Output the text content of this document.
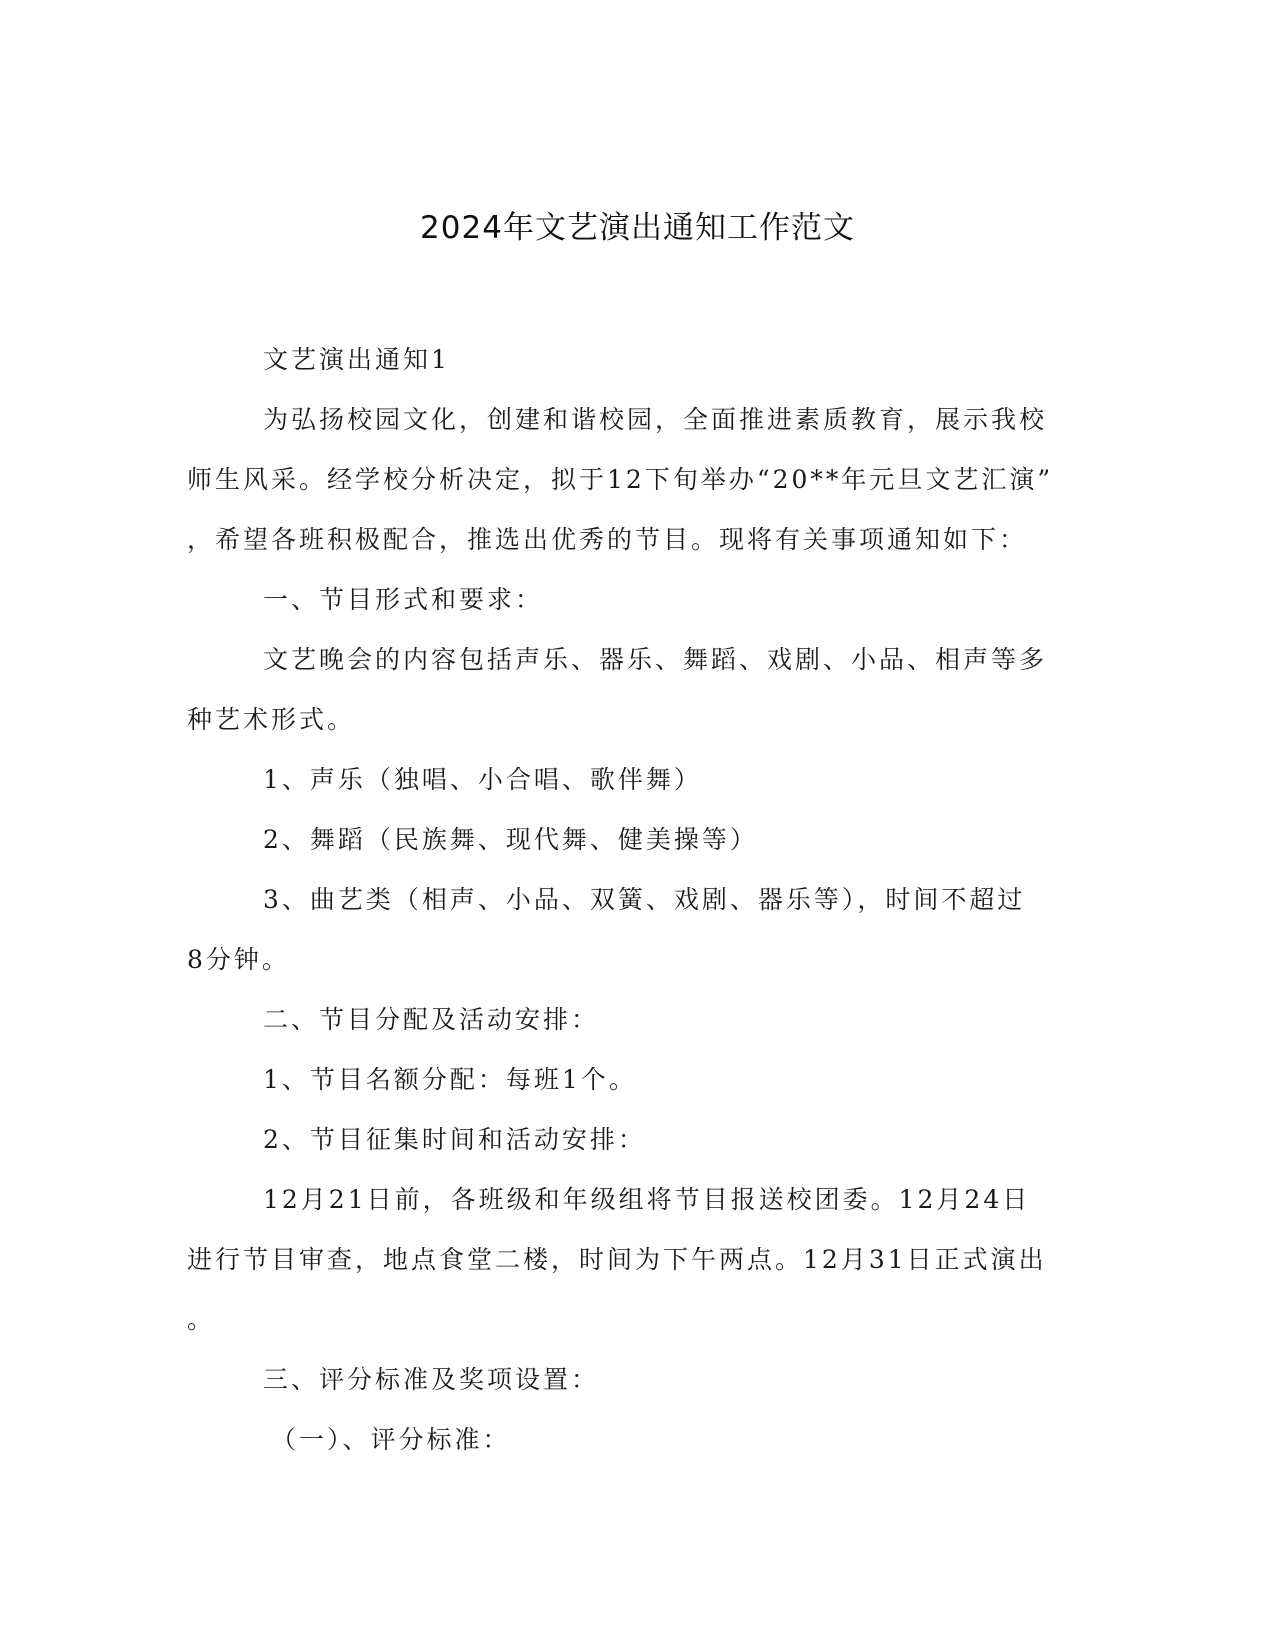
2024年文艺演出通知工作范文
文艺演出通知1
为弘扬校园文化，创建和谐校园，全面推进素质教育，展示我校
师生风采。经学校分析决定，拟于12下旬举办“20**年元旦文艺汇演”
，希望各班积极配合，推选出优秀的节目。现将有关事项通知如下：
一、节目形式和要求：
文艺晚会的内容包括声乐、器乐、舞蹈、戏剧、小品、相声等多
种艺术形式。
1、声乐（独唱、小合唱、歌伴舞）
2、舞蹈（民族舞、现代舞、健美操等）
3、曲艺类（相声、小品、双簧、戏剧、器乐等），时间不超过
8分钟。
二、节目分配及活动安排：
1、节目名额分配：每班1个。
2、节目征集时间和活动安排：
12月21日前，各班级和年级组将节目报送校团委。12月24日
进行节目审查，地点食堂二楼，时间为下午两点。12月31日正式演出
。
三、评分标准及奖项设置：
（一）、评分标准：
